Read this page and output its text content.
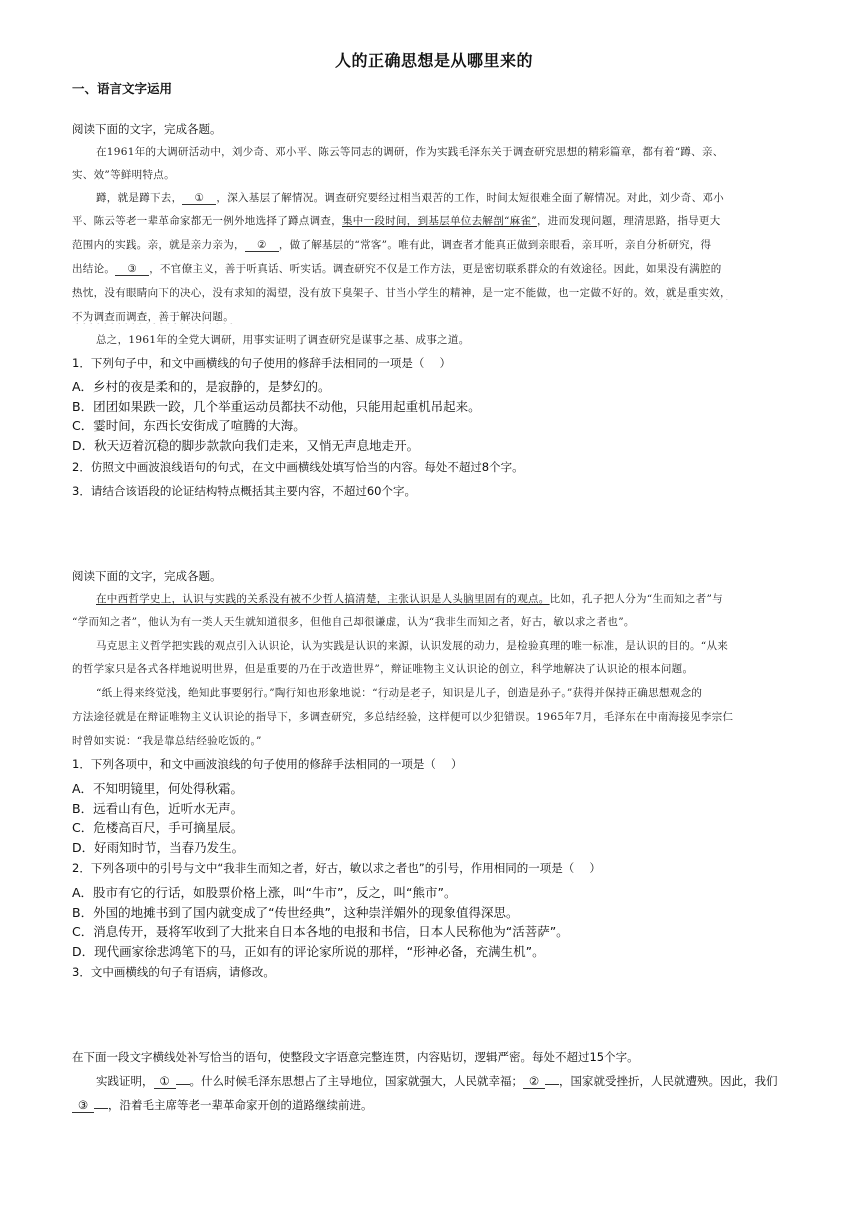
人的正确思想是从哪里来的
一、语言文字运用
阅读下面的文字，完成各题。
在1961年的大调研活动中，刘少奇、邓小平、陈云等同志的调研，作为实践毛泽东关于调查研究思想的精彩篇章，都有着“蹲、亲、
实、效”等鲜明特点。
蹲，就是蹲下去， ① ，深入基层了解情况。调查研究要经过相当艰苦的工作，时间太短很难全面了解情况。对此，刘少奇、邓小
平、陈云等老一辈革命家都无一例外地选择了蹲点调查，集中一段时间，到基层单位去解剖“麻雀”，进而发现问题，理清思路，指导更大
范围内的实践。亲，就是亲力亲为， ② ，做了解基层的“常客”。唯有此，调查者才能真正做到亲眼看，亲耳听，亲自分析研究，得
出结论。 ③ ，不官僚主义，善于听真话、听实话。调查研究不仅是工作方法，更是密切联系群众的有效途径。因此，如果没有满腔的
热忱，没有眼睛向下的决心，没有求知的渴望，没有放下臭架子、甘当小学生的精神，是一定不能做，也一定做不好的。效，就是重实效，
不为调查而调查，善于解决问题。
总之，1961年的全党大调研，用事实证明了调查研究是谋事之基、成事之道。
1．下列句子中，和文中画横线的句子使用的修辞手法相同的一项是（　 ）
A．乡村的夜是柔和的，是寂静的，是梦幻的。
B．团团如果跌一跤，几个举重运动员都扶不动他，只能用起重机吊起来。
C．霎时间，东西长安街成了喧腾的大海。
D．秋天迈着沉稳的脚步款款向我们走来，又悄无声息地走开。
2．仿照文中画波浪线语句的句式，在文中画横线处填写恰当的内容。每处不超过8个字。
3．请结合该语段的论证结构特点概括其主要内容，不超过60个字。
阅读下面的文字，完成各题。
在中西哲学史上，认识与实践的关系没有被不少哲人搞清楚，主张认识是人头脑里固有的观点。比如，孔子把人分为“生而知之者”与
“学而知之者”，他认为有一类人天生就知道很多，但他自己却很谦虚，认为“我非生而知之者，好古，敏以求之者也”。
马克思主义哲学把实践的观点引入认识论，认为实践是认识的来源，认识发展的动力，是检验真理的唯一标准，是认识的目的。“从来
的哲学家只是各式各样地说明世界，但是重要的乃在于改造世界”，辩证唯物主义认识论的创立，科学地解决了认识论的根本问题。
“纸上得来终觉浅，绝知此事要躬行。”陶行知也形象地说：“行动是老子，知识是儿子，创造是孙子。”获得并保持正确思想观念的
方法途径就是在辩证唯物主义认识论的指导下，多调查研究，多总结经验，这样便可以少犯错误。1965年7月，毛泽东在中南海接见李宗仁
时曾如实说：“我是靠总结经验吃饭的。”
1．下列各项中，和文中画波浪线的句子使用的修辞手法相同的一项是（　 ）
A．不知明镜里，何处得秋霜。
B．远看山有色，近听水无声。
C．危楼高百尺，手可摘星辰。
D．好雨知时节，当春乃发生。
2．下列各项中的引号与文中“我非生而知之者，好古，敏以求之者也”的引号，作用相同的一项是（　 ）
A．股市有它的行话，如股票价格上涨，叫“牛市”，反之，叫“熊市”。
B．外国的地摊书到了国内就变成了“传世经典”，这种崇洋媚外的现象值得深思。
C．消息传开，聂将军收到了大批来自日本各地的电报和书信，日本人民称他为“活菩萨”。
D．现代画家徐悲鸿笔下的马，正如有的评论家所说的那样，“形神必备，充满生机”。
3．文中画横线的句子有语病，请修改。
在下面一段文字横线处补写恰当的语句，使整段文字语意完整连贯，内容贴切，逻辑严密。每处不超过15个字。
实践证明， ① 。什么时候毛泽东思想占了主导地位，国家就强大，人民就幸福； ② ，国家就受挫折，人民就遭殃。因此，我们
③ ，沿着毛主席等老一辈革命家开创的道路继续前进。
